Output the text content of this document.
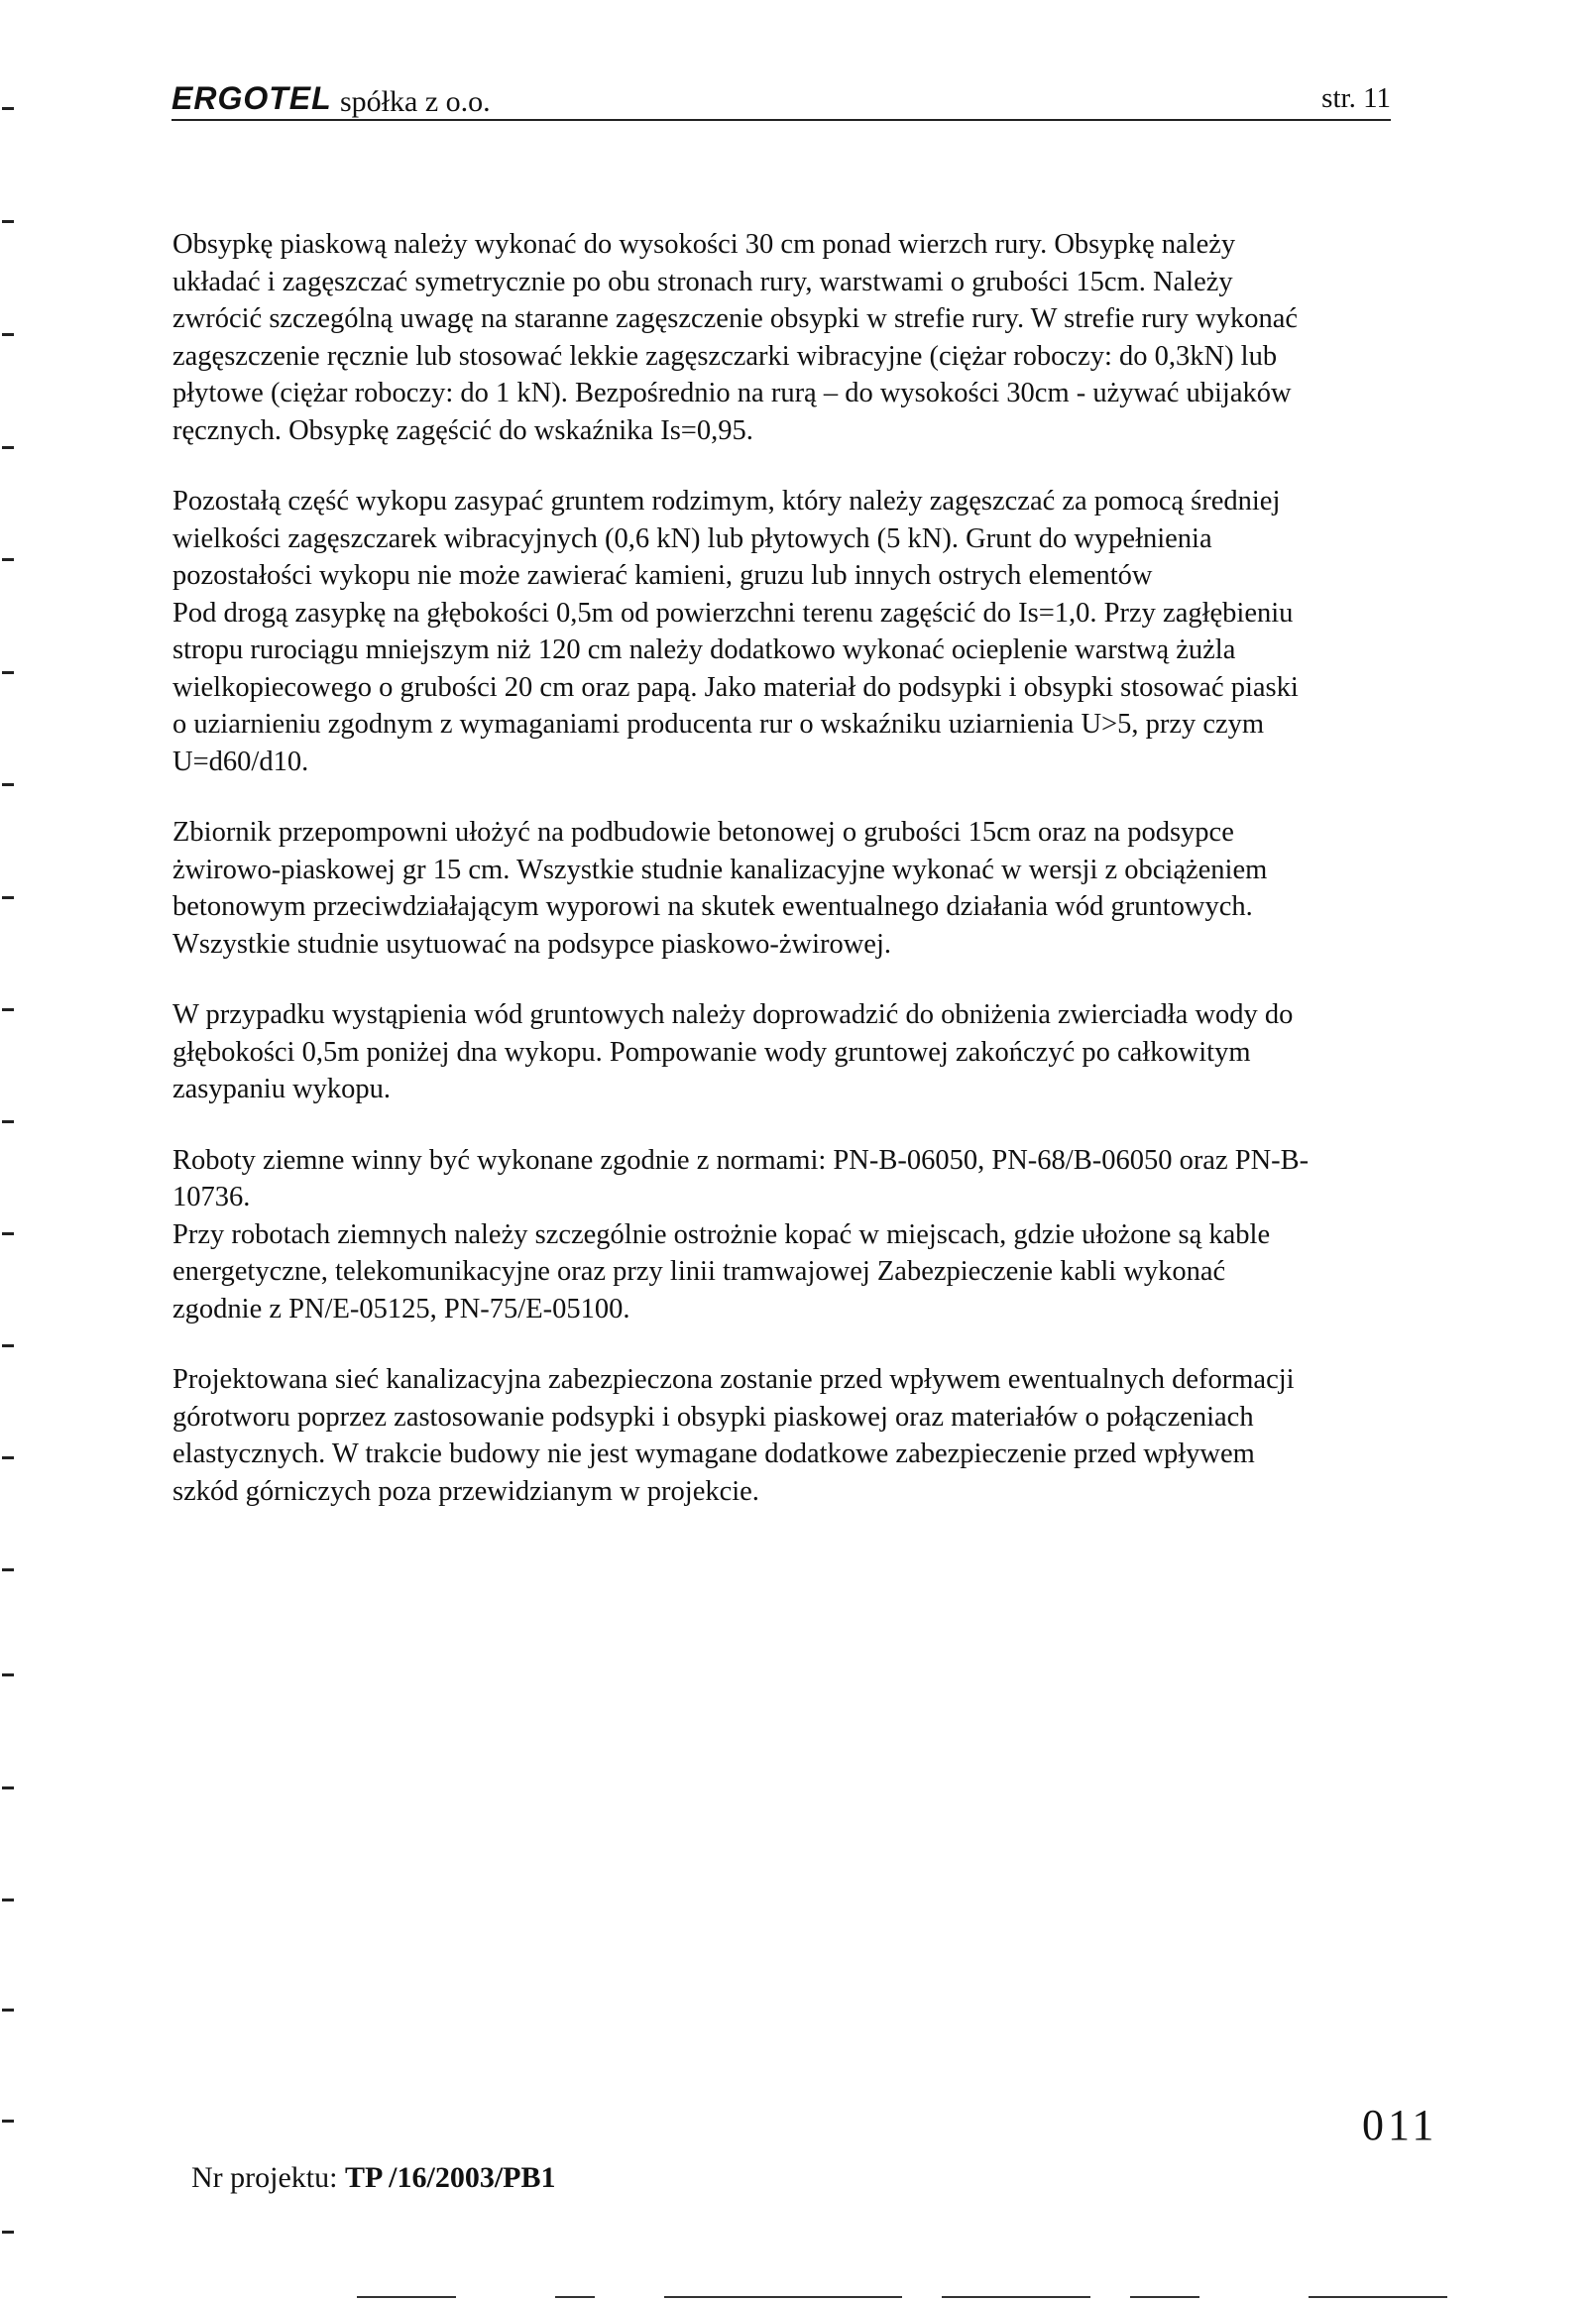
ERGOTEL spółka z o.o.	str. 11

Obsypkę piaskową należy wykonać do wysokości 30 cm ponad wierzch rury. Obsypkę należy
układać i zagęszczać symetrycznie po obu stronach rury, warstwami o grubości 15cm. Należy
zwrócić szczególną uwagę na staranne zagęszczenie obsypki w strefie rury. W strefie rury wykonać
zagęszczenie ręcznie lub stosować lekkie zagęszczarki wibracyjne (ciężar roboczy: do 0,3kN) lub
płytowe (ciężar roboczy: do 1 kN). Bezpośrednio na rurą – do wysokości 30cm - używać ubijaków
ręcznych. Obsypkę zagęścić do wskaźnika Is=0,95.

Pozostałą część wykopu zasypać gruntem rodzimym, który należy zagęszczać za pomocą średniej
wielkości zagęszczarek wibracyjnych (0,6 kN) lub płytowych (5 kN). Grunt do wypełnienia
pozostałości wykopu nie może zawierać kamieni, gruzu lub innych ostrych elementów
Pod drogą zasypkę na głębokości 0,5m od powierzchni terenu zagęścić do Is=1,0. Przy zagłębieniu
stropu rurociągu mniejszym niż 120 cm należy dodatkowo wykonać ocieplenie warstwą żużla
wielkopiecowego o grubości 20 cm oraz papą. Jako materiał do podsypki i obsypki stosować piaski
o uziarnieniu zgodnym z wymaganiami producenta rur o wskaźniku uziarnienia U>5, przy czym
U=d60/d10.

Zbiornik przepompowni ułożyć na podbudowie betonowej o grubości 15cm oraz na podsypce
żwirowo-piaskowej gr 15 cm. Wszystkie studnie kanalizacyjne wykonać w wersji z obciążeniem
betonowym przeciwdziałającym wyporowi na skutek ewentualnego działania wód gruntowych.
Wszystkie studnie usytuować na podsypce piaskowo-żwirowej.

W przypadku wystąpienia wód gruntowych należy doprowadzić do obniżenia zwierciadła wody do
głębokości 0,5m poniżej dna wykopu. Pompowanie wody gruntowej zakończyć po całkowitym
zasypaniu wykopu.

Roboty ziemne winny być wykonane zgodnie z normami: PN-B-06050, PN-68/B-06050 oraz PN-B-
10736.
Przy robotach ziemnych należy szczególnie ostrożnie kopać w miejscach, gdzie ułożone są kable
energetyczne, telekomunikacyjne oraz przy linii tramwajowej Zabezpieczenie kabli wykonać
zgodnie z PN/E-05125, PN-75/E-05100.

Projektowana sieć kanalizacyjna zabezpieczona zostanie przed wpływem ewentualnych deformacji
górotworu poprzez zastosowanie podsypki i obsypki piaskowej oraz materiałów o połączeniach
elastycznych. W trakcie budowy nie jest wymagane dodatkowe zabezpieczenie przed wpływem
szkód górniczych poza przewidzianym w projekcie.

011
Nr projektu: TP /16/2003/PB1
